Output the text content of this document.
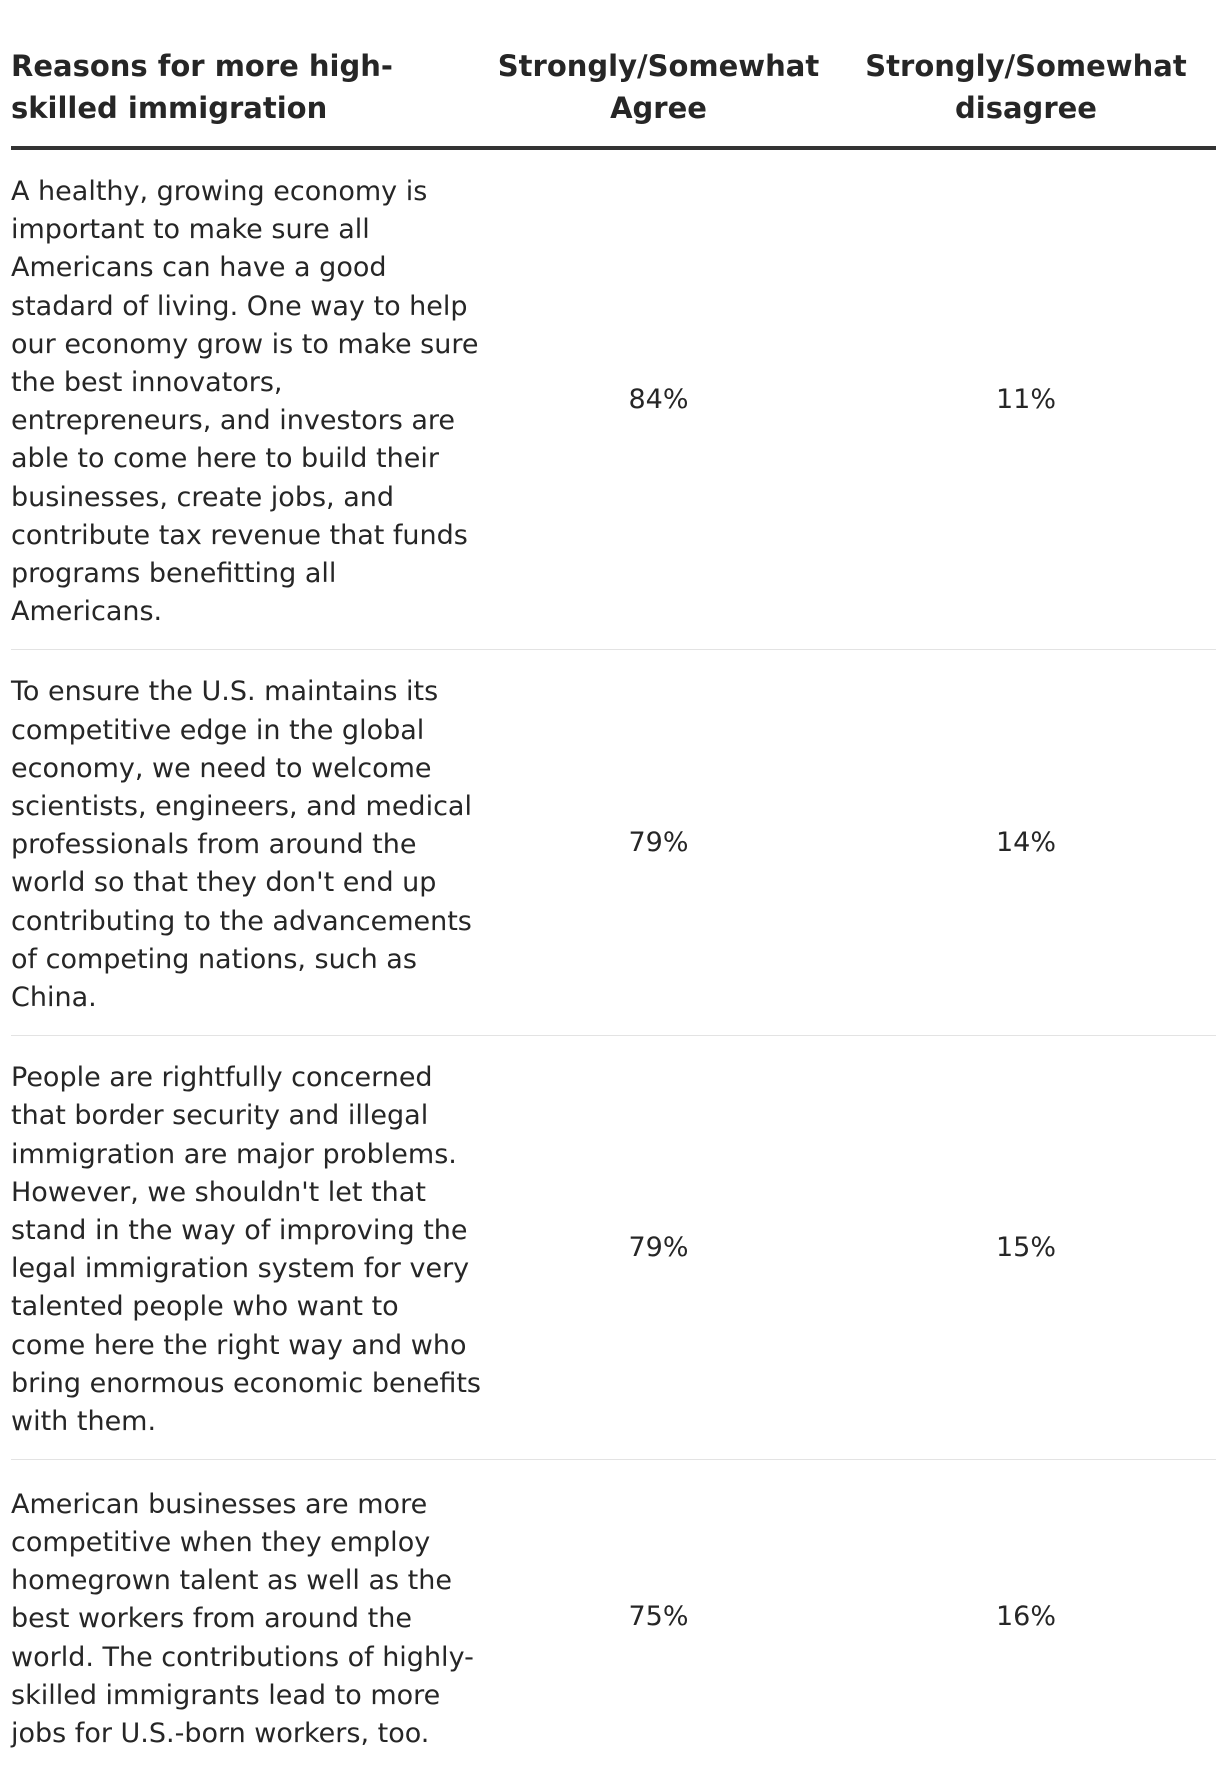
Reasons for more high-skilled immigration	Strongly/Somewhat Agree	Strongly/Somewhat disagree
A healthy, growing economy is important to make sure all Americans can have a good stadard of living. One way to help our economy grow is to make sure the best innovators, entrepreneurs, and investors are able to come here to build their businesses, create jobs, and contribute tax revenue that funds programs benefitting all Americans.	84%	11%
To ensure the U.S. maintains its competitive edge in the global economy, we need to welcome scientists, engineers, and medical professionals from around the world so that they don't end up contributing to the advancements of competing nations, such as China.	79%	14%
People are rightfully concerned that border security and illegal immigration are major problems. However, we shouldn't let that stand in the way of improving the legal immigration system for very talented people who want to come here the right way and who bring enormous economic benefits with them.	79%	15%
American businesses are more competitive when they employ homegrown talent as well as the best workers from around the world. The contributions of highly-skilled immigrants lead to more jobs for U.S.-born workers, too.	75%	16%
